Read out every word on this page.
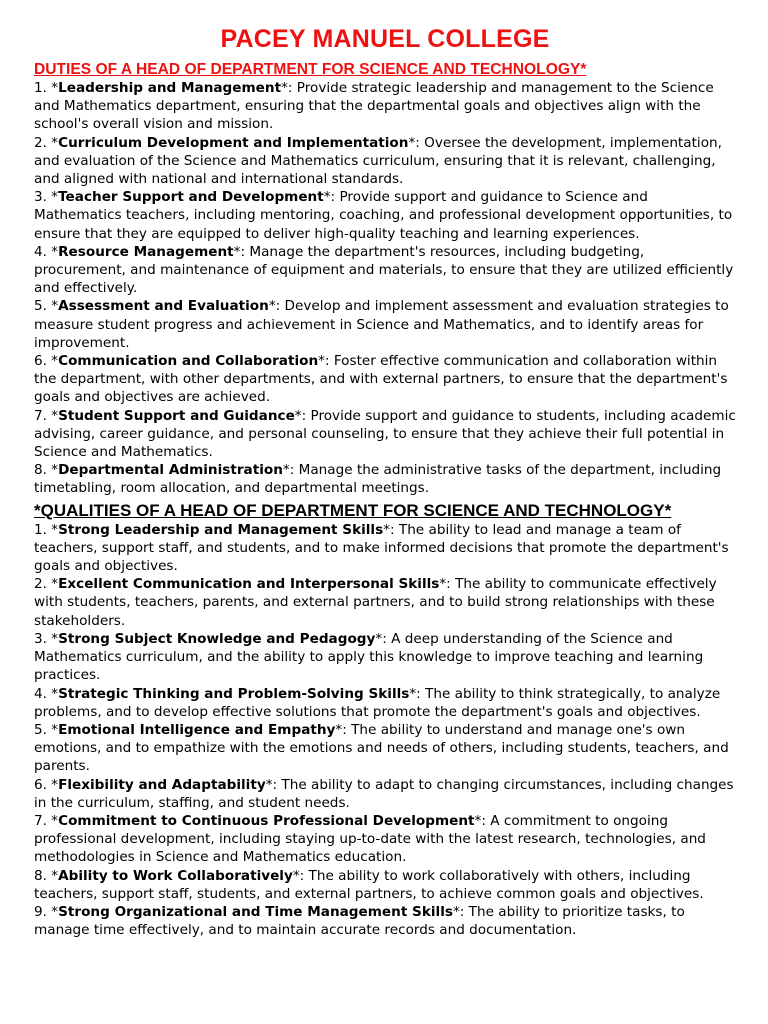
PACEY MANUEL COLLEGE
DUTIES OF A HEAD OF DEPARTMENT FOR SCIENCE AND TECHNOLOGY*

1. *Leadership and Management*: Provide strategic leadership and management to the Science and Mathematics department, ensuring that the departmental goals and objectives align with the school's overall vision and mission.

2. *Curriculum Development and Implementation*: Oversee the development, implementation, and evaluation of the Science and Mathematics curriculum, ensuring that it is relevant, challenging, and aligned with national and international standards.

3. *Teacher Support and Development*: Provide support and guidance to Science and Mathematics teachers, including mentoring, coaching, and professional development opportunities, to ensure that they are equipped to deliver high-quality teaching and learning experiences.

4. *Resource Management*: Manage the department's resources, including budgeting, procurement, and maintenance of equipment and materials, to ensure that they are utilized efficiently and effectively.

5. *Assessment and Evaluation*: Develop and implement assessment and evaluation strategies to measure student progress and achievement in Science and Mathematics, and to identify areas for improvement.

6. *Communication and Collaboration*: Foster effective communication and collaboration within the department, with other departments, and with external partners, to ensure that the department's goals and objectives are achieved.

7. *Student Support and Guidance*: Provide support and guidance to students, including academic advising, career guidance, and personal counseling, to ensure that they achieve their full potential in Science and Mathematics.

8. *Departmental Administration*: Manage the administrative tasks of the department, including timetabling, room allocation, and departmental meetings.

*QUALITIES OF A HEAD OF DEPARTMENT FOR SCIENCE AND TECHNOLOGY*

1. *Strong Leadership and Management Skills*: The ability to lead and manage a team of teachers, support staff, and students, and to make informed decisions that promote the department's goals and objectives.

2. *Excellent Communication and Interpersonal Skills*: The ability to communicate effectively with students, teachers, parents, and external partners, and to build strong relationships with these stakeholders.

3. *Strong Subject Knowledge and Pedagogy*: A deep understanding of the Science and Mathematics curriculum, and the ability to apply this knowledge to improve teaching and learning practices.

4. *Strategic Thinking and Problem-Solving Skills*: The ability to think strategically, to analyze problems, and to develop effective solutions that promote the department's goals and objectives.

5. *Emotional Intelligence and Empathy*: The ability to understand and manage one's own emotions, and to empathize with the emotions and needs of others, including students, teachers, and parents.

6. *Flexibility and Adaptability*: The ability to adapt to changing circumstances, including changes in the curriculum, staffing, and student needs.

7. *Commitment to Continuous Professional Development*: A commitment to ongoing professional development, including staying up-to-date with the latest research, technologies, and methodologies in Science and Mathematics education.

8. *Ability to Work Collaboratively*: The ability to work collaboratively with others, including teachers, support staff, students, and external partners, to achieve common goals and objectives.

9. *Strong Organizational and Time Management Skills*: The ability to prioritize tasks, to manage time effectively, and to maintain accurate records and documentation.
